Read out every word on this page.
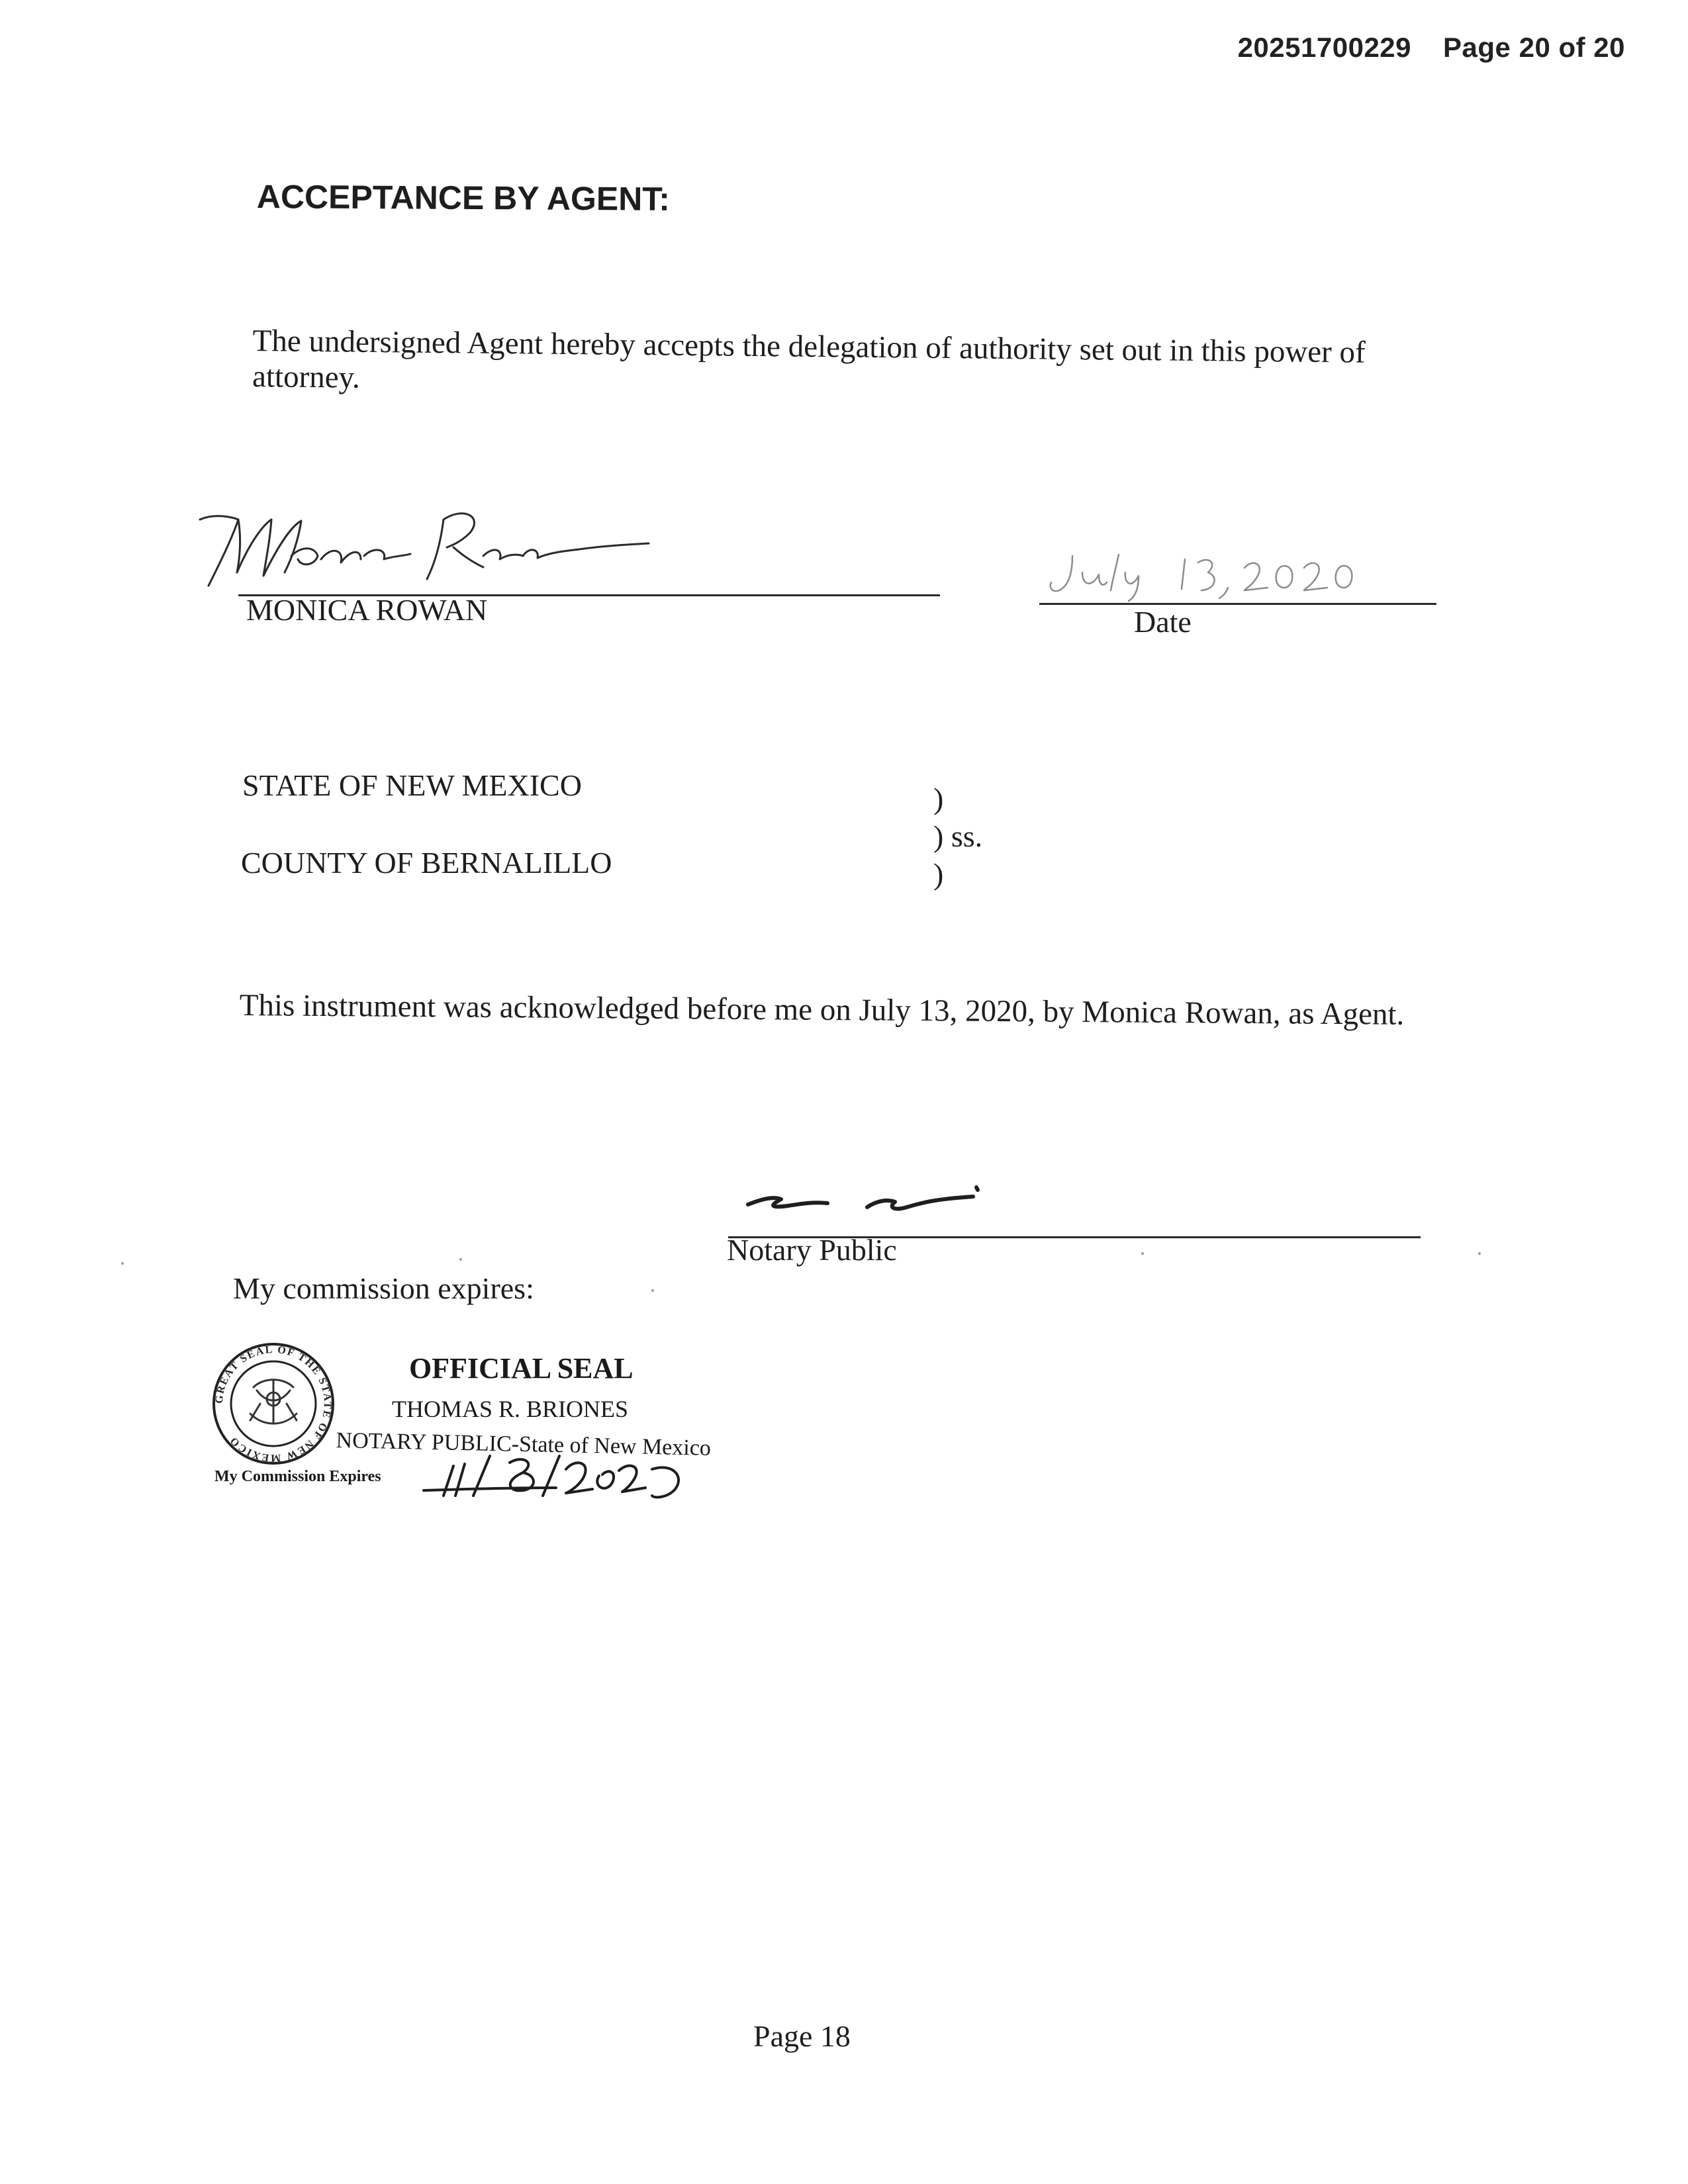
20251700229 Page 20 of 20
ACCEPTANCE BY AGENT:
The undersigned Agent hereby accepts the delegation of authority set out in this power of attorney.
MONICA ROWAN	Date
STATE OF NEW MEXICO
COUNTY OF BERNALILLO
)
) ss.
)
This instrument was acknowledged before me on July 13, 2020, by Monica Rowan, as Agent.
Notary Public
My commission expires:
GREAT SEAL OF THE STATE OF NEW MEXICO
OFFICIAL SEAL
THOMAS R. BRIONES
NOTARY PUBLIC-State of New Mexico
My Commission Expires
Page 18
